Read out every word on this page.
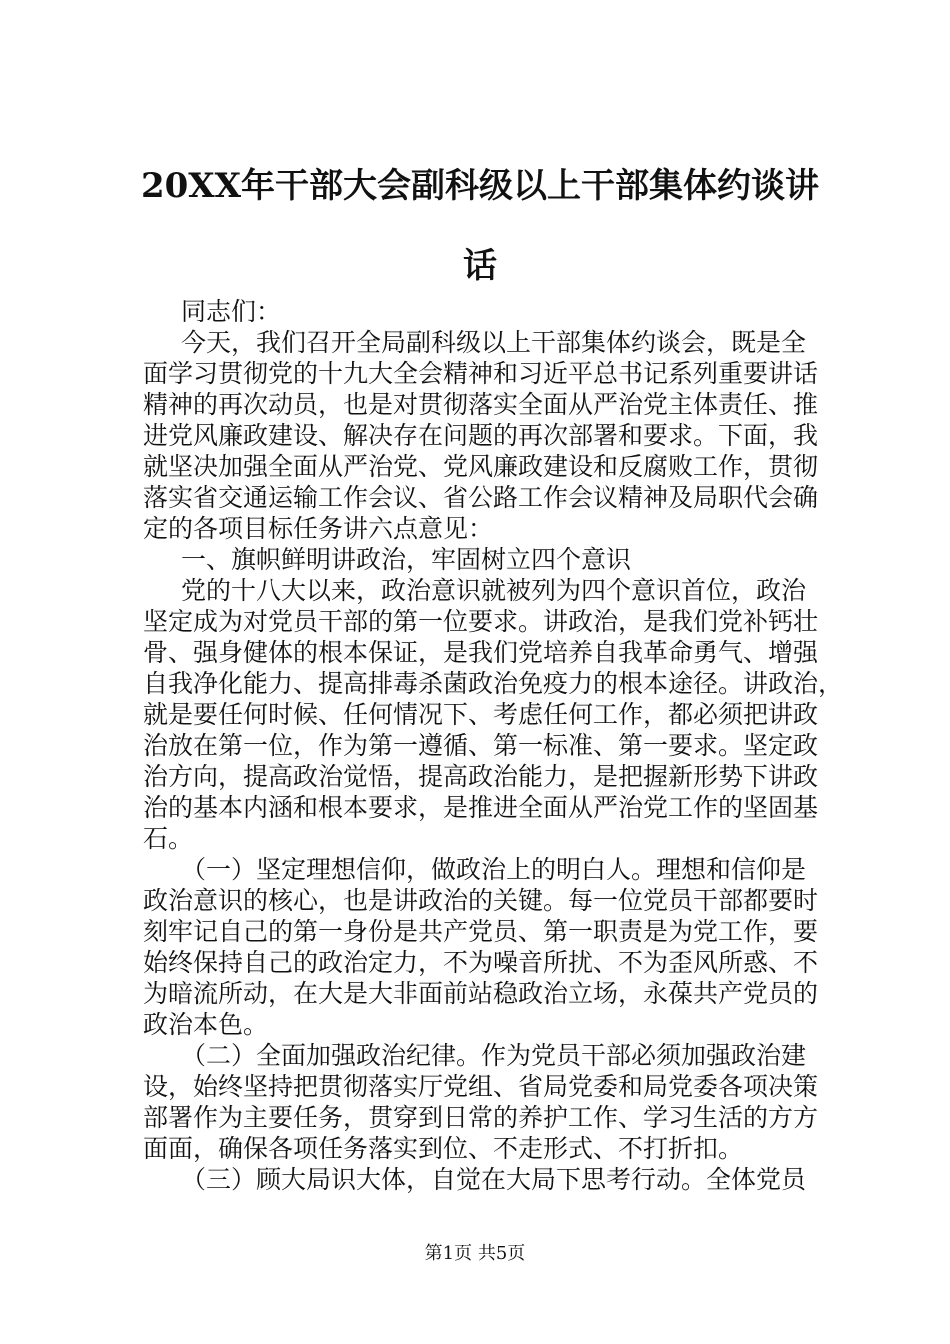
20XX年干部大会副科级以上干部集体约谈讲
话
同志们：
今天，我们召开全局副科级以上干部集体约谈会，既是全
面学习贯彻党的十九大全会精神和习近平总书记系列重要讲话
精神的再次动员，也是对贯彻落实全面从严治党主体责任、推
进党风廉政建设、解决存在问题的再次部署和要求。下面，我
就坚决加强全面从严治党、党风廉政建设和反腐败工作，贯彻
落实省交通运输工作会议、省公路工作会议精神及局职代会确
定的各项目标任务讲六点意见：
一、旗帜鲜明讲政治，牢固树立四个意识
党的十八大以来，政治意识就被列为四个意识首位，政治
坚定成为对党员干部的第一位要求。讲政治，是我们党补钙壮
骨、强身健体的根本保证，是我们党培养自我革命勇气、增强
自我净化能力、提高排毒杀菌政治免疫力的根本途径。讲政治，
就是要任何时候、任何情况下、考虑任何工作，都必须把讲政
治放在第一位，作为第一遵循、第一标准、第一要求。坚定政
治方向，提高政治觉悟，提高政治能力，是把握新形势下讲政
治的基本内涵和根本要求，是推进全面从严治党工作的坚固基
石。
（一）坚定理想信仰，做政治上的明白人。理想和信仰是
政治意识的核心，也是讲政治的关键。每一位党员干部都要时
刻牢记自己的第一身份是共产党员、第一职责是为党工作，要
始终保持自己的政治定力，不为噪音所扰、不为歪风所惑、不
为暗流所动，在大是大非面前站稳政治立场，永葆共产党员的
政治本色。
（二）全面加强政治纪律。作为党员干部必须加强政治建
设，始终坚持把贯彻落实厅党组、省局党委和局党委各项决策
部署作为主要任务，贯穿到日常的养护工作、学习生活的方方
面面，确保各项任务落实到位、不走形式、不打折扣。
（三）顾大局识大体，自觉在大局下思考行动。全体党员
第1页 共5页
